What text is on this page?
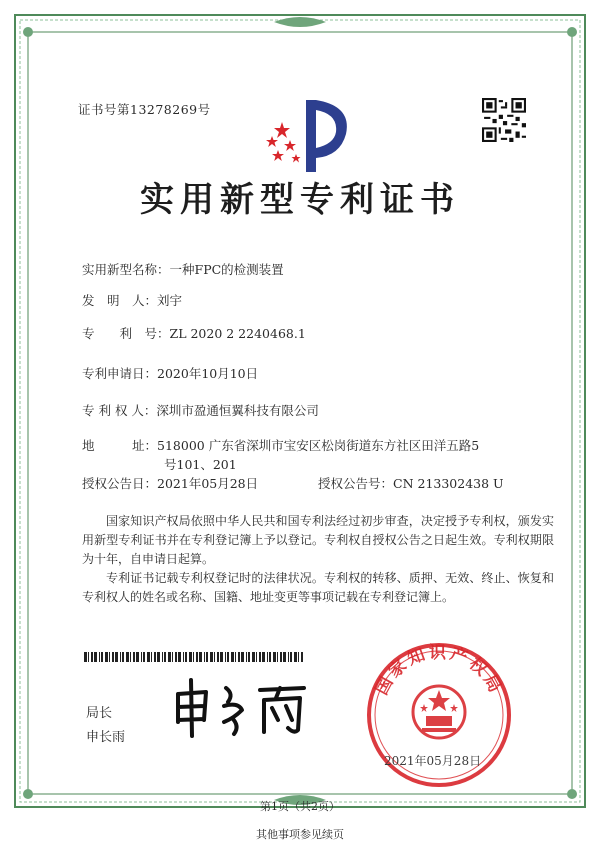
证书号第13278269号
实用新型专利证书
实用新型名称：一种FPC的检测装置
发　明　人：刘宇
专　　利　号：ZL 2020 2 2240468.1
专利申请日：2020年10月10日
专 利 权 人：深圳市盈通恒翼科技有限公司
地　　　址：518000 广东省深圳市宝安区松岗街道东方社区田洋五路5
号101、201
授权公告日：2021年05月28日	授权公告号：CN 213302438 U
国家知识产权局依照中华人民共和国专利法经过初步审查，决定授予专利权，颁发实用新型专利证书并在专利登记簿上予以登记。专利权自授权公告之日起生效。专利权期限为十年，自申请日起算。
专利证书记载专利权登记时的法律状况。专利权的转移、质押、无效、终止、恢复和专利权人的姓名或名称、国籍、地址变更等事项记载在专利登记簿上。
局长
申长雨
国家知识产权局
2021年05月28日
第1页（共2页）
其他事项参见续页
